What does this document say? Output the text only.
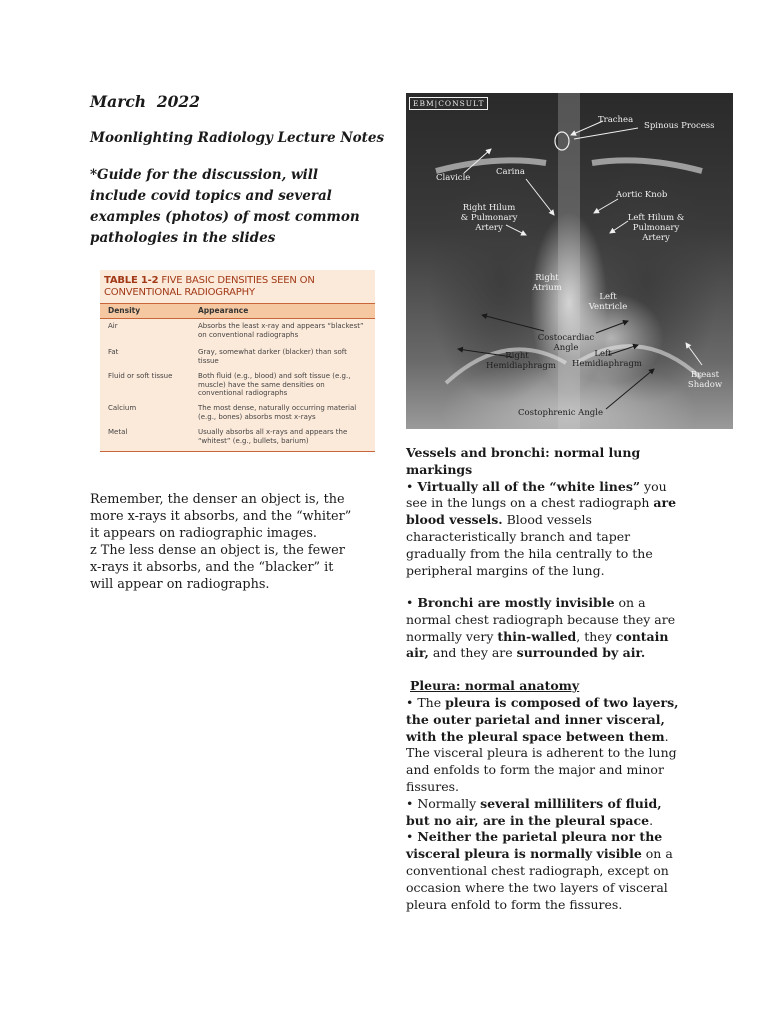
March  2022
Moonlighting Radiology Lecture Notes
*Guide for the discussion, will include covid topics and several examples (photos) of most common pathologies in the slides
TABLE 1-2 FIVE BASIC DENSITIES SEEN ON CONVENTIONAL RADIOGRAPHY
Density	Appearance
Air	Absorbs the least x-ray and appears “blackest” on conventional radiographs
Fat	Gray, somewhat darker (blacker) than soft tissue
Fluid or soft tissue	Both fluid (e.g., blood) and soft tissue (e.g., muscle) have the same densities on conventional radiographs
Calcium	The most dense, naturally occurring material (e.g., bones) absorbs most x-rays
Metal	Usually absorbs all x-rays and appears the “whitest” (e.g., bullets, barium)
Remember, the denser an object is, the more x-rays it absorbs, and the “whiter” it appears on radiographic images.
z The less dense an object is, the fewer x-rays it absorbs, and the “blacker” it will appear on radiographs.
EBM|CONSULT
Trachea
Spinous Process
Clavicle
Carina
Aortic Knob
Right Hilum & Pulmonary Artery
Left Hilum & Pulmonary Artery
Right Atrium
Left Ventricle
Costocardiac Angle
Right Hemidiaphragm
Left Hemidiaphragm
Breast Shadow
Costophrenic Angle
Vessels and bronchi: normal lung markings
• Virtually all of the “white lines” you see in the lungs on a chest radiograph are blood vessels. Blood vessels characteristically branch and taper gradually from the hila centrally to the peripheral margins of the lung.
• Bronchi are mostly invisible on a normal chest radiograph because they are normally very thin-walled, they contain air, and they are surrounded by air.
Pleura: normal anatomy
• The pleura is composed of two layers, the outer parietal and inner visceral, with the pleural space between them. The visceral pleura is adherent to the lung and enfolds to form the major and minor fissures.
• Normally several milliliters of fluid, but no air, are in the pleural space.
• Neither the parietal pleura nor the visceral pleura is normally visible on a conventional chest radiograph, except on occasion where the two layers of visceral pleura enfold to form the fissures.
